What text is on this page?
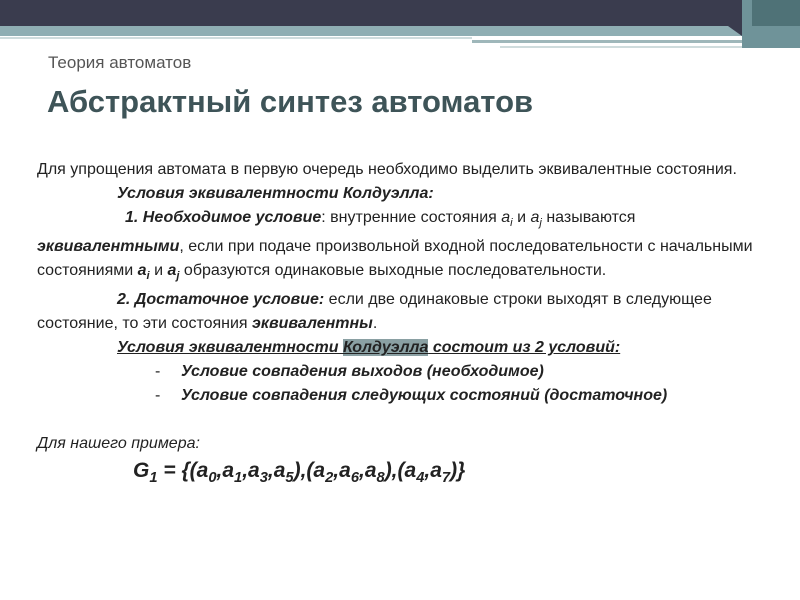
Теория автоматов
Абстрактный синтез автоматов

Для упрощения автомата в первую очередь необходимо выделить эквивалентные состояния.

Условия эквивалентности Колдуэлла:

1. Необходимое условие: внутренние состояния $a_i$ и $a_j$ называются эквивалентными, если при подаче произвольной входной последовательности с начальными состояниями $a_i$ и $a_j$ образуются одинаковые выходные последовательности.

2. Достаточное условие: если две одинаковые строки выходят в следующее состояние, то эти состояния эквивалентны.

Условия эквивалентности Колдуэлла состоит из 2 условий:

- Условие совпадения выходов (необходимое)

- Условие совпадения следующих состояний (достаточное)

Для нашего примера:

$G_1 = \{(a_0,a_1,a_3,a_5),(a_2,a_6,a_8),(a_4,a_7)\}$
